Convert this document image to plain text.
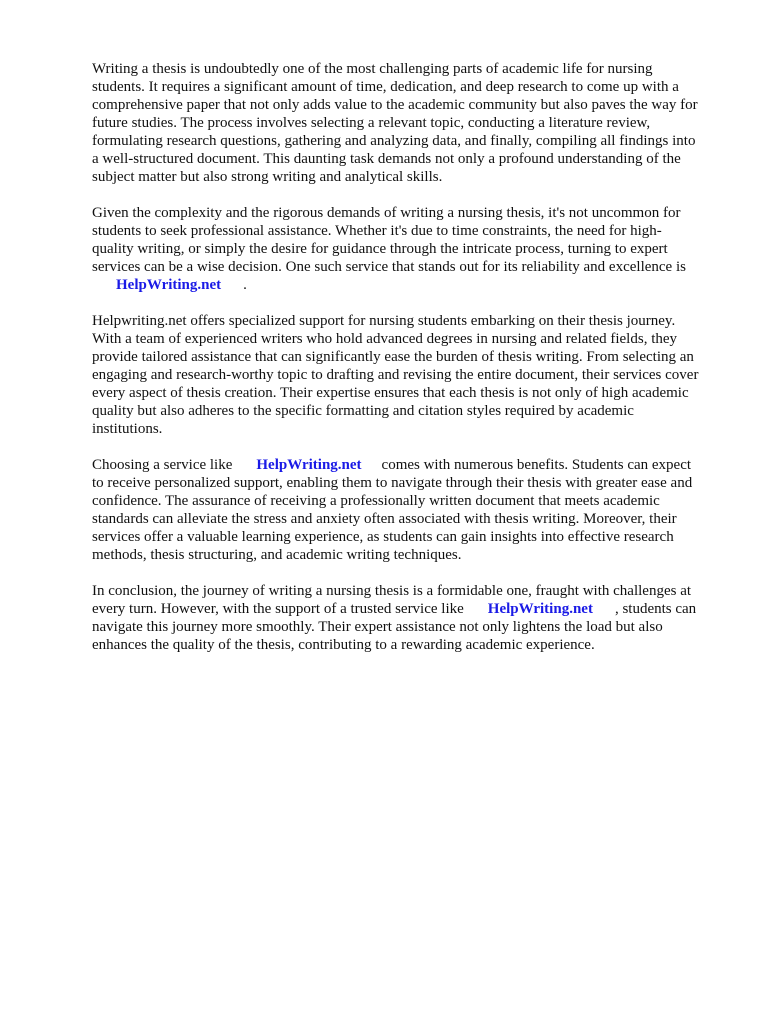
Writing a thesis is undoubtedly one of the most challenging parts of academic life for nursing
students. It requires a significant amount of time, dedication, and deep research to come up with a
comprehensive paper that not only adds value to the academic community but also paves the way for
future studies. The process involves selecting a relevant topic, conducting a literature review,
formulating research questions, gathering and analyzing data, and finally, compiling all findings into
a well-structured document. This daunting task demands not only a profound understanding of the
subject matter but also strong writing and analytical skills.

Given the complexity and the rigorous demands of writing a nursing thesis, it's not uncommon for
students to seek professional assistance. Whether it's due to time constraints, the need for high-
quality writing, or simply the desire for guidance through the intricate process, turning to expert
services can be a wise decision. One such service that stands out for its reliability and excellence is
HelpWriting.net .

Helpwriting.net offers specialized support for nursing students embarking on their thesis journey.
With a team of experienced writers who hold advanced degrees in nursing and related fields, they
provide tailored assistance that can significantly ease the burden of thesis writing. From selecting an
engaging and research-worthy topic to drafting and revising the entire document, their services cover
every aspect of thesis creation. Their expertise ensures that each thesis is not only of high academic
quality but also adheres to the specific formatting and citation styles required by academic
institutions.

Choosing a service like HelpWriting.net comes with numerous benefits. Students can expect
to receive personalized support, enabling them to navigate through their thesis with greater ease and
confidence. The assurance of receiving a professionally written document that meets academic
standards can alleviate the stress and anxiety often associated with thesis writing. Moreover, their
services offer a valuable learning experience, as students can gain insights into effective research
methods, thesis structuring, and academic writing techniques.

In conclusion, the journey of writing a nursing thesis is a formidable one, fraught with challenges at
every turn. However, with the support of a trusted service like HelpWriting.net , students can
navigate this journey more smoothly. Their expert assistance not only lightens the load but also
enhances the quality of the thesis, contributing to a rewarding academic experience.
